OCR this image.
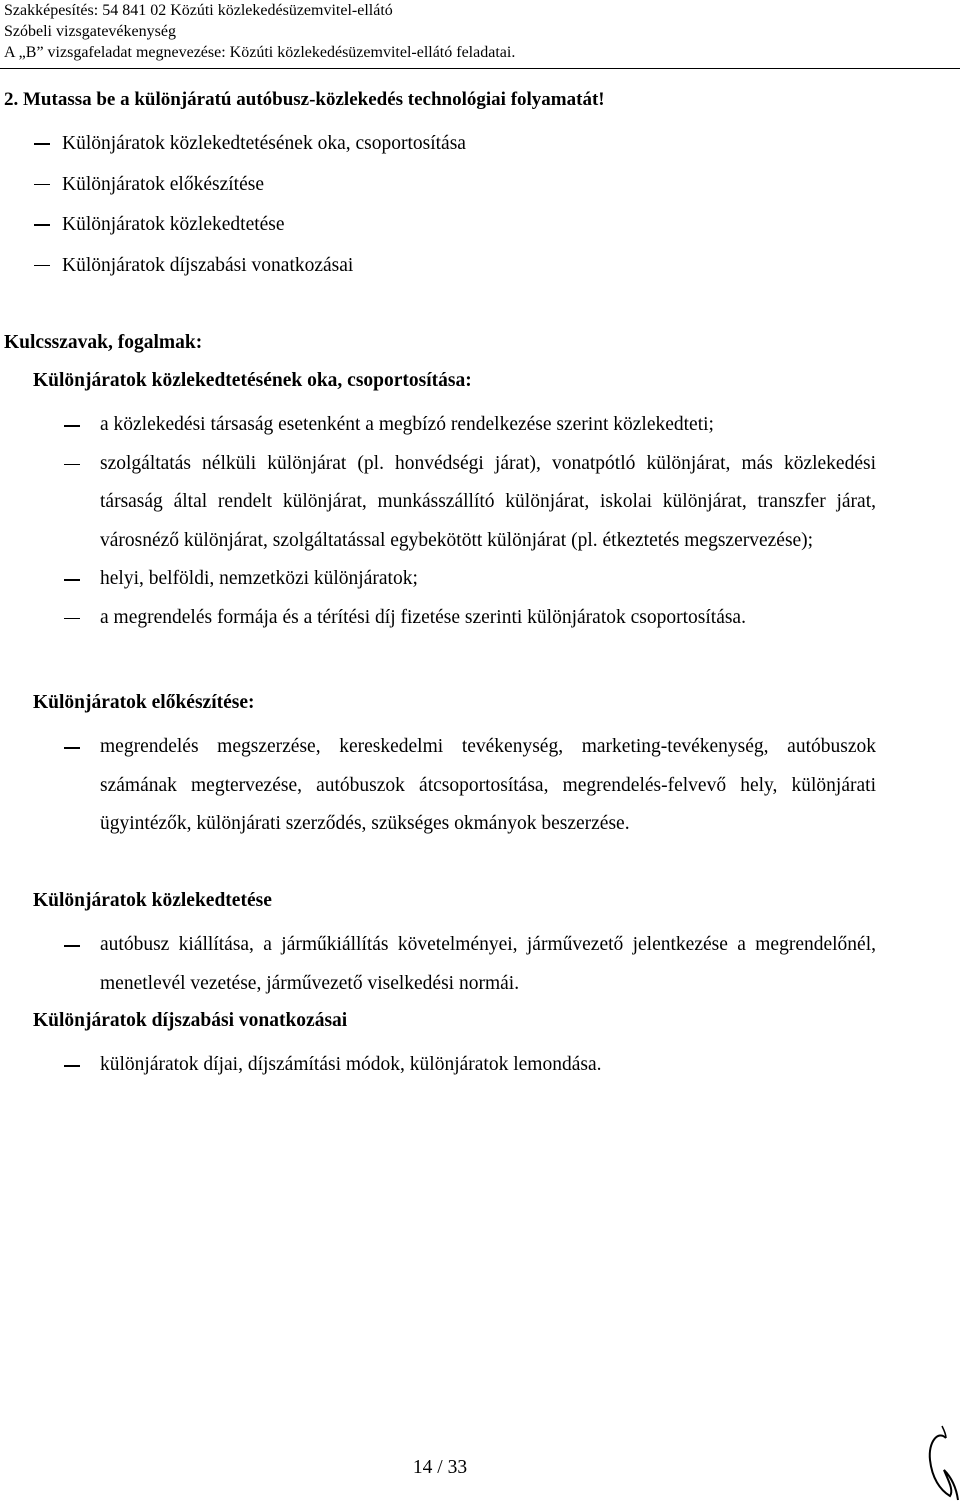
Szakképesítés: 54 841 02 Közúti közlekedésüzemvitel-ellátó
Szóbeli vizsgatevékenység
A „B” vizsgafeladat megnevezése: Közúti közlekedésüzemvitel-ellátó feladatai.
2. Mutassa be a különjáratú autóbusz-közlekedés technológiai folyamatát!
Különjáratok közlekedtetésének oka, csoportosítása
Különjáratok előkészítése
Különjáratok közlekedtetése
Különjáratok díjszabási vonatkozásai
Kulcsszavak, fogalmak:
Különjáratok közlekedtetésének oka, csoportosítása:
a közlekedési társaság esetenként a megbízó rendelkezése szerint közlekedteti;
szolgáltatás nélküli különjárat (pl. honvédségi járat), vonatpótló különjárat, más közlekedési társaság által rendelt különjárat, munkásszállító különjárat, iskolai különjárat, transzfer járat, városnéző különjárat, szolgáltatással egybekötött különjárat (pl. étkeztetés megszervezése);
helyi, belföldi, nemzetközi különjáratok;
a megrendelés formája és a térítési díj fizetése szerinti különjáratok csoportosítása.
Különjáratok előkészítése:
megrendelés megszerzése, kereskedelmi tevékenység, marketing-tevékenység, autóbuszok számának megtervezése, autóbuszok átcsoportosítása, megrendelés-felvevő hely, különjárati ügyintézők, különjárati szerződés, szükséges okmányok beszerzése.
Különjáratok közlekedtetése
autóbusz kiállítása, a járműkiállítás követelményei, járművezető jelentkezése a megrendelőnél, menetlevél vezetése, járművezető viselkedési normái.
Különjáratok díjszabási vonatkozásai
különjáratok díjai, díjszámítási módok, különjáratok lemondása.
14 / 33
